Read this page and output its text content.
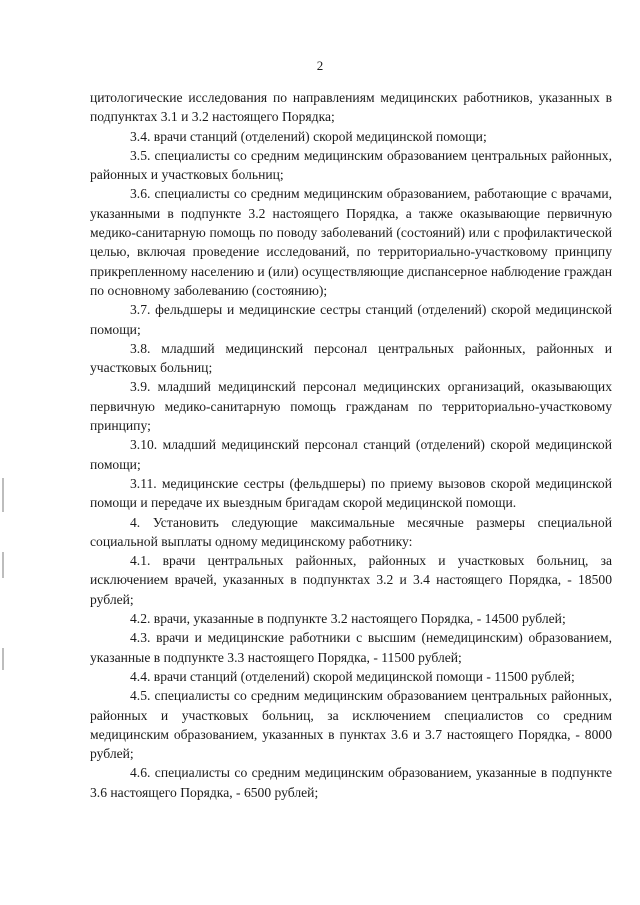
2

цитологические исследования по направлениям медицинских работников, указанных в подпунктах 3.1 и 3.2 настоящего Порядка;

3.4. врачи станций (отделений) скорой медицинской помощи;

3.5. специалисты со средним медицинским образованием центральных районных, районных и участковых больниц;

3.6. специалисты со средним медицинским образованием, работающие с врачами, указанными в подпункте 3.2 настоящего Порядка, а также оказывающие первичную медико-санитарную помощь по поводу заболеваний (состояний) или с профилактической целью, включая проведение исследований, по территориально-участковому принципу прикрепленному населению и (или) осуществляющие диспансерное наблюдение граждан по основному заболеванию (состоянию);

3.7. фельдшеры и медицинские сестры станций (отделений) скорой медицинской помощи;

3.8. младший медицинский персонал центральных районных, районных и участковых больниц;

3.9. младший медицинский персонал медицинских организаций, оказывающих первичную медико-санитарную помощь гражданам по территориально-участковому принципу;

3.10. младший медицинский персонал станций (отделений) скорой медицинской помощи;

3.11. медицинские сестры (фельдшеры) по приему вызовов скорой медицинской помощи и передаче их выездным бригадам скорой медицинской помощи.

4. Установить следующие максимальные месячные размеры специальной социальной выплаты одному медицинскому работнику:

4.1. врачи центральных районных, районных и участковых больниц, за исключением врачей, указанных в подпунктах 3.2 и 3.4 настоящего Порядка, - 18500 рублей;

4.2. врачи, указанные в подпункте 3.2 настоящего Порядка, - 14500 рублей;

4.3. врачи и медицинские работники с высшим (немедицинским) образованием, указанные в подпункте 3.3 настоящего Порядка, - 11500 рублей;

4.4. врачи станций (отделений) скорой медицинской помощи - 11500 рублей;

4.5. специалисты со средним медицинским образованием центральных районных, районных и участковых больниц, за исключением специалистов со средним медицинским образованием, указанных в пунктах 3.6 и 3.7 настоящего Порядка, - 8000 рублей;

4.6. специалисты со средним медицинским образованием, указанные в подпункте 3.6 настоящего Порядка, - 6500 рублей;
